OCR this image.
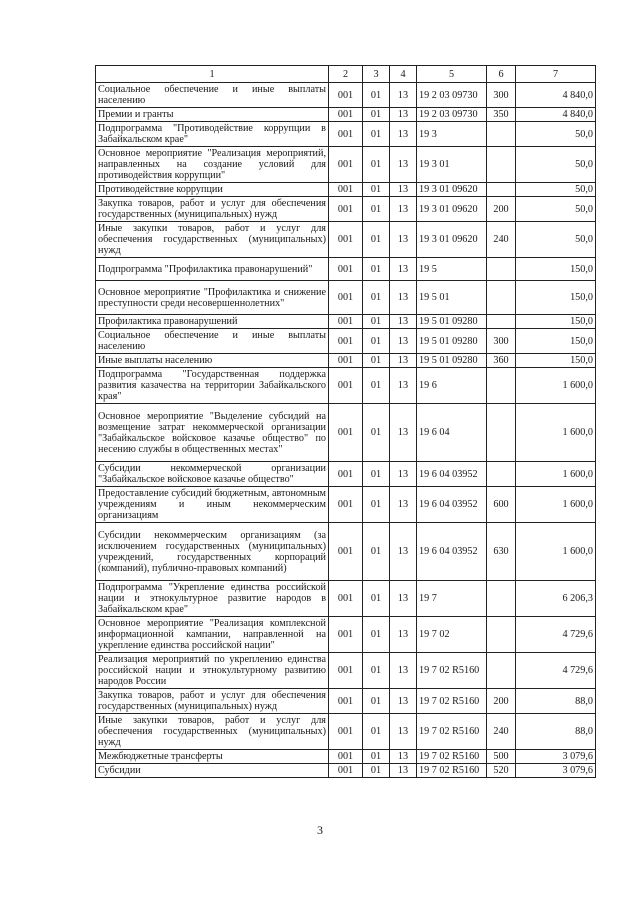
1	2	3	4	5	6	7
Социальное обеспечение и иные выплаты населению	001	01	13	19 2 03 09730	300	4 840,0
Премии и гранты	001	01	13	19 2 03 09730	350	4 840,0
Подпрограмма "Противодействие коррупции в Забайкальском крае"	001	01	13	19 3		50,0
Основное мероприятие "Реализация мероприятий, направленных на создание условий для противодействия коррупции"	001	01	13	19 3 01		50,0
Противодействие коррупции	001	01	13	19 3 01 09620		50,0
Закупка товаров, работ и услуг для обеспечения государственных (муниципальных) нужд	001	01	13	19 3 01 09620	200	50,0
Иные закупки товаров, работ и услуг для обеспечения государственных (муниципальных) нужд	001	01	13	19 3 01 09620	240	50,0
Подпрограмма "Профилактика правонарушений"	001	01	13	19 5		150,0
Основное мероприятие "Профилактика и снижение преступности среди несовершеннолетних"	001	01	13	19 5 01		150,0
Профилактика правонарушений	001	01	13	19 5 01 09280		150,0
Социальное обеспечение и иные выплаты населению	001	01	13	19 5 01 09280	300	150,0
Иные выплаты населению	001	01	13	19 5 01 09280	360	150,0
Подпрограмма "Государственная поддержка развития казачества на территории Забайкальского края"	001	01	13	19 6		1 600,0
Основное мероприятие "Выделение субсидий на возмещение затрат некоммерческой организации "Забайкальское войсковое казачье общество" по несению службы в общественных местах"	001	01	13	19 6 04		1 600,0
Субсидии некоммерческой организации "Забайкальское войсковое казачье общество"	001	01	13	19 6 04 03952		1 600,0
Предоставление субсидий бюджетным, автономным учреждениям и иным некоммерческим организациям	001	01	13	19 6 04 03952	600	1 600,0
Субсидии некоммерческим организациям (за исключением государственных (муниципальных) учреждений, государственных корпораций (компаний), публично-правовых компаний)	001	01	13	19 6 04 03952	630	1 600,0
Подпрограмма "Укрепление единства российской нации и этнокультурное развитие народов в Забайкальском крае"	001	01	13	19 7		6 206,3
Основное мероприятие "Реализация комплексной информационной кампании, направленной на укрепление единства российской нации"	001	01	13	19 7 02		4 729,6
Реализация мероприятий по укреплению единства российской нации и этнокультурному развитию народов России	001	01	13	19 7 02 R5160		4 729,6
Закупка товаров, работ и услуг для обеспечения государственных (муниципальных) нужд	001	01	13	19 7 02 R5160	200	88,0
Иные закупки товаров, работ и услуг для обеспечения государственных (муниципальных) нужд	001	01	13	19 7 02 R5160	240	88,0
Межбюджетные трансферты	001	01	13	19 7 02 R5160	500	3 079,6
Субсидии	001	01	13	19 7 02 R5160	520	3 079,6
3
